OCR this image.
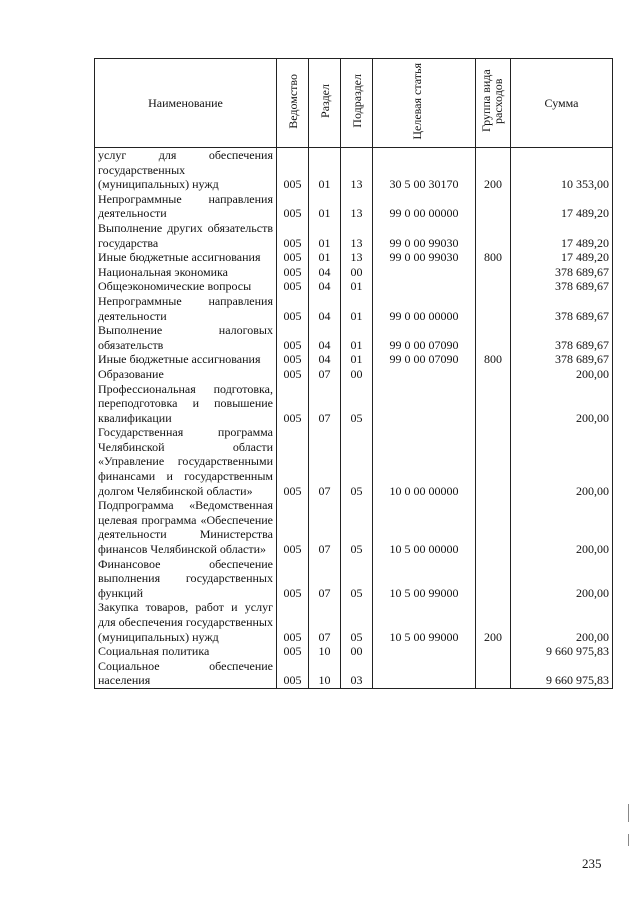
Наименование	Ведомство	Раздел	Подраздел	Целевая статья	Группа вида расходов	Сумма
услуг для обеспечения государственных (муниципальных) нужд	005	01	13	30 5 00 30170	200	10 353,00
Непрограммные направления деятельности	005	01	13	99 0 00 00000		17 489,20
Выполнение других обязательств государства	005	01	13	99 0 00 99030		17 489,20
Иные бюджетные ассигнования	005	01	13	99 0 00 99030	800	17 489,20
Национальная экономика	005	04	00			378 689,67
Общеэкономические вопросы	005	04	01			378 689,67
Непрограммные направления деятельности	005	04	01	99 0 00 00000		378 689,67
Выполнение налоговых обязательств	005	04	01	99 0 00 07090		378 689,67
Иные бюджетные ассигнования	005	04	01	99 0 00 07090	800	378 689,67
Образование	005	07	00			200,00
Профессиональная подготовка, переподготовка и повышение квалификации	005	07	05			200,00
Государственная программа Челябинской области «Управление государственными финансами и государственным долгом Челябинской области»	005	07	05	10 0 00 00000		200,00
Подпрограмма «Ведомственная целевая программа «Обеспечение деятельности Министерства финансов Челябинской области»	005	07	05	10 5 00 00000		200,00
Финансовое обеспечение выполнения государственных функций	005	07	05	10 5 00 99000		200,00
Закупка товаров, работ и услуг для обеспечения государственных (муниципальных) нужд	005	07	05	10 5 00 99000	200	200,00
Социальная политика	005	10	00			9 660 975,83
Социальное обеспечение населения	005	10	03			9 660 975,83
235
